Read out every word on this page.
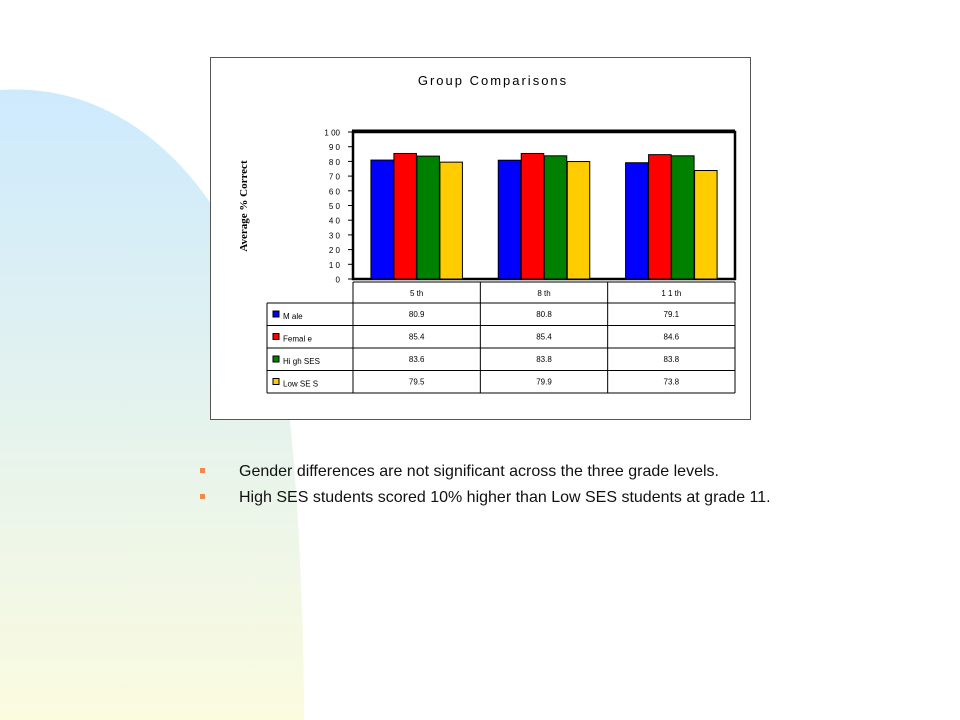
Group Comparisons
Average % Correct
0
1 0
2 0
3 0
4 0
5 0
6 0
7 0
8 0
9 0
1 00
5 th	8 th	1 1 th
M ale	80.9	80.8	79.1
Femal e	85.4	85.4	84.6
Hi gh SES	83.6	83.8	83.8
Low SE S	79.5	79.9	73.8
Gender differences are not significant across the three grade levels.
High SES students scored 10% higher than Low SES students at grade 11.
